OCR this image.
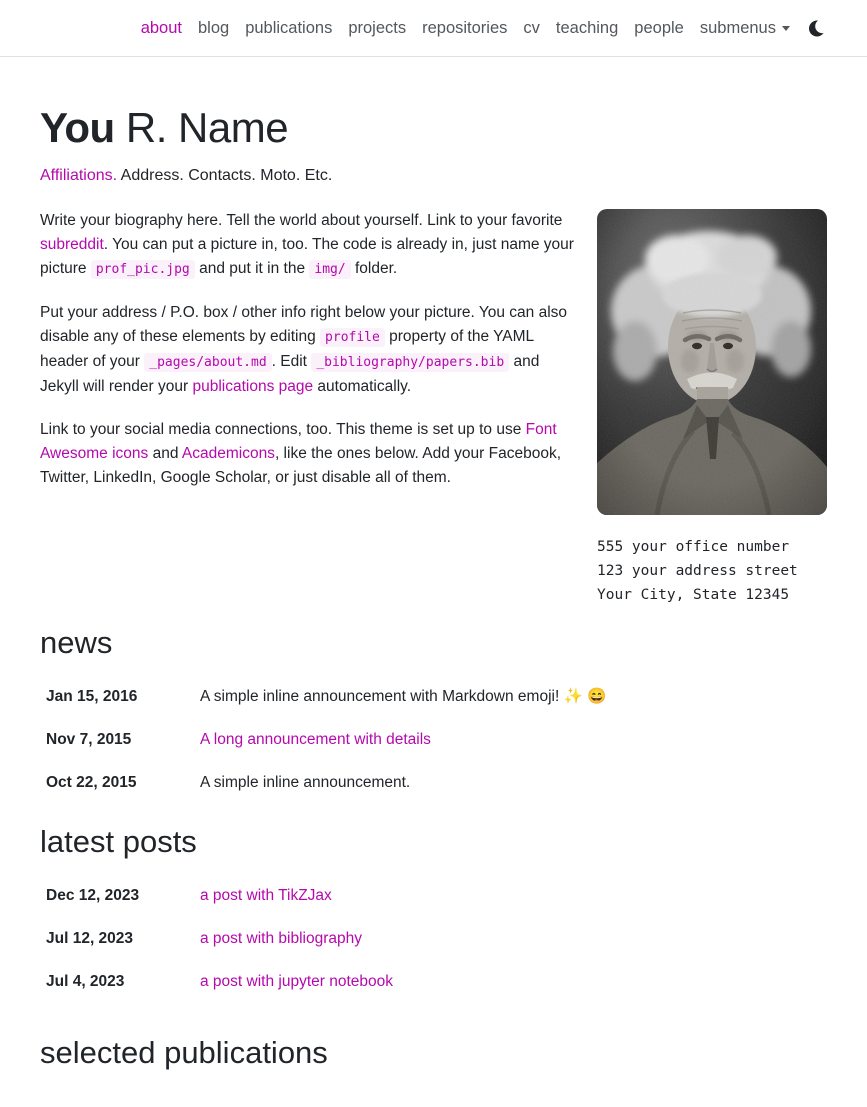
about blog publications projects repositories cv teaching people submenus
You R. Name

Affiliations. Address. Contacts. Moto. Etc.

555 your office number
123 your address street
Your City, State 12345

Write your biography here. Tell the world about yourself. Link to your favorite subreddit. You can put a picture in, too. The code is already in, just name your picture prof_pic.jpg and put it in the img/ folder.

Put your address / P.O. box / other info right below your picture. You can also disable any of these elements by editing profile property of the YAML header of your _pages/about.md . Edit _bibliography/papers.bib and Jekyll will render your publications page automatically.

Link to your social media connections, too. This theme is set up to use Font Awesome icons and Academicons, like the ones below. Add your Facebook, Twitter, LinkedIn, Google Scholar, or just disable all of them.

news
Jan 15, 2016	A simple inline announcement with Markdown emoji! ✨ 😄
Nov 7, 2015	A long announcement with details
Oct 22, 2015	A simple inline announcement.
latest posts
Dec 12, 2023	a post with TikZJax
Jul 12, 2023	a post with bibliography
Jul 4, 2023	a post with jupyter notebook
selected publications
